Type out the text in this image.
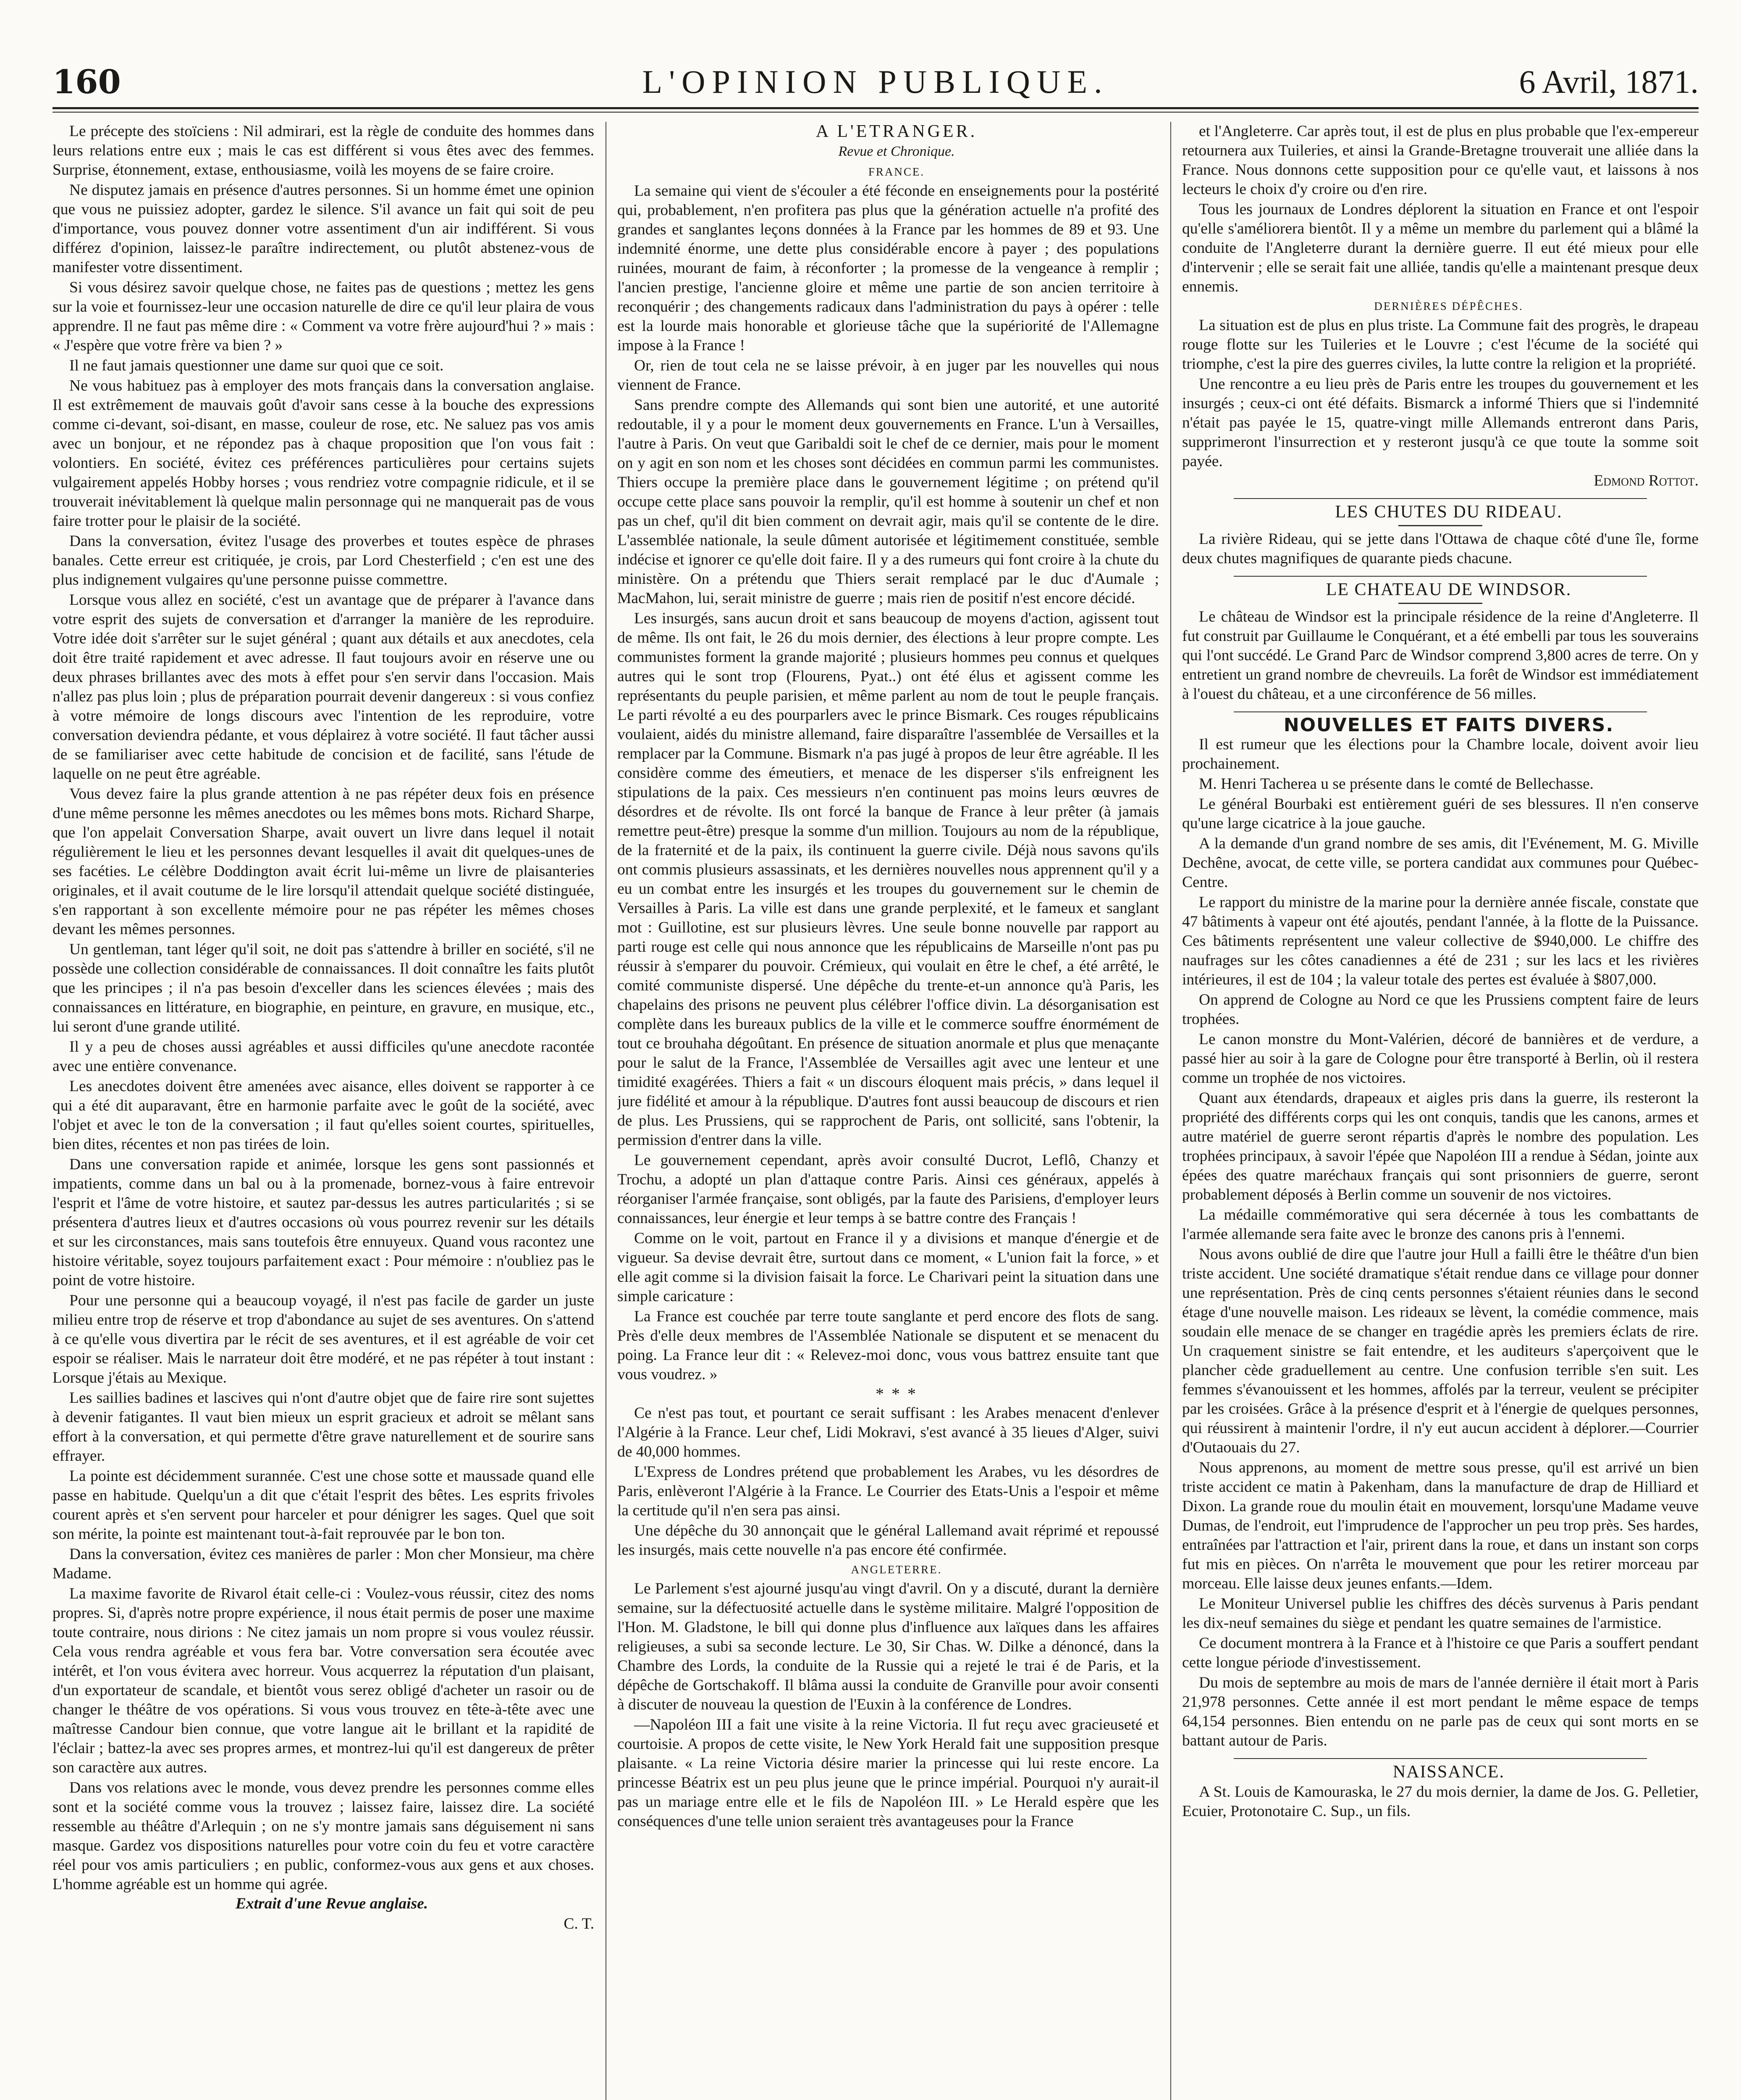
160	L'OPINION PUBLIQUE.	6 Avril, 1871.

Le précepte des stoïciens : Nil admirari, est la règle de conduite des hommes dans leurs relations entre eux ; mais le cas est différent si vous êtes avec des femmes. Surprise, étonnement, extase, enthousiasme, voilà les moyens de se faire croire.

Ne disputez jamais en présence d'autres personnes. Si un homme émet une opinion que vous ne puissiez adopter, gardez le silence. S'il avance un fait qui soit de peu d'importance, vous pouvez donner votre assentiment d'un air indifférent. Si vous différez d'opinion, laissez-le paraître indirectement, ou plutôt abstenez-vous de manifester votre dissentiment.

Si vous désirez savoir quelque chose, ne faites pas de questions ; mettez les gens sur la voie et fournissez-leur une occasion naturelle de dire ce qu'il leur plaira de vous apprendre. Il ne faut pas même dire : « Comment va votre frère aujourd'hui ? » mais : « J'espère que votre frère va bien ? »

Il ne faut jamais questionner une dame sur quoi que ce soit.

Ne vous habituez pas à employer des mots français dans la conversation anglaise. Il est extrêmement de mauvais goût d'avoir sans cesse à la bouche des expressions comme ci-devant, soi-disant, en masse, couleur de rose, etc. Ne saluez pas vos amis avec un bonjour, et ne répondez pas à chaque proposition que l'on vous fait : volontiers. En société, évitez ces préférences particulières pour certains sujets vulgairement appelés Hobby horses ; vous rendriez votre compagnie ridicule, et il se trouverait inévitablement là quelque malin personnage qui ne manquerait pas de vous faire trotter pour le plaisir de la société.

Dans la conversation, évitez l'usage des proverbes et toutes espèce de phrases banales. Cette erreur est critiquée, je crois, par Lord Chesterfield ; c'en est une des plus indignement vulgaires qu'une personne puisse commettre.

Lorsque vous allez en société, c'est un avantage que de préparer à l'avance dans votre esprit des sujets de conversation et d'arranger la manière de les reproduire. Votre idée doit s'arrêter sur le sujet général ; quant aux détails et aux anecdotes, cela doit être traité rapidement et avec adresse. Il faut toujours avoir en réserve une ou deux phrases brillantes avec des mots à effet pour s'en servir dans l'occasion. Mais n'allez pas plus loin ; plus de préparation pourrait devenir dangereux : si vous confiez à votre mémoire de longs discours avec l'intention de les reproduire, votre conversation deviendra pédante, et vous déplairez à votre société. Il faut tâcher aussi de se familiariser avec cette habitude de concision et de facilité, sans l'étude de laquelle on ne peut être agréable.

Vous devez faire la plus grande attention à ne pas répéter deux fois en présence d'une même personne les mêmes anecdotes ou les mêmes bons mots. Richard Sharpe, que l'on appelait Conversation Sharpe, avait ouvert un livre dans lequel il notait régulièrement le lieu et les personnes devant lesquelles il avait dit quelques-unes de ses facéties. Le célèbre Doddington avait écrit lui-même un livre de plaisanteries originales, et il avait coutume de le lire lorsqu'il attendait quelque société distinguée, s'en rapportant à son excellente mémoire pour ne pas répéter les mêmes choses devant les mêmes personnes.

Un gentleman, tant léger qu'il soit, ne doit pas s'attendre à briller en société, s'il ne possède une collection considérable de connaissances. Il doit connaître les faits plutôt que les principes ; il n'a pas besoin d'exceller dans les sciences élevées ; mais des connaissances en littérature, en biographie, en peinture, en gravure, en musique, etc., lui seront d'une grande utilité.

Il y a peu de choses aussi agréables et aussi difficiles qu'une anecdote racontée avec une entière convenance.

Les anecdotes doivent être amenées avec aisance, elles doivent se rapporter à ce qui a été dit auparavant, être en harmonie parfaite avec le goût de la société, avec l'objet et avec le ton de la conversation ; il faut qu'elles soient courtes, spirituelles, bien dites, récentes et non pas tirées de loin.

Dans une conversation rapide et animée, lorsque les gens sont passionnés et impatients, comme dans un bal ou à la promenade, bornez-vous à faire entrevoir l'esprit et l'âme de votre histoire, et sautez par-dessus les autres particularités ; si se présentera d'autres lieux et d'autres occasions où vous pourrez revenir sur les détails et sur les circonstances, mais sans toutefois être ennuyeux. Quand vous racontez une histoire véritable, soyez toujours parfaitement exact : Pour mémoire : n'oubliez pas le point de votre histoire.

Pour une personne qui a beaucoup voyagé, il n'est pas facile de garder un juste milieu entre trop de réserve et trop d'abondance au sujet de ses aventures. On s'attend à ce qu'elle vous divertira par le récit de ses aventures, et il est agréable de voir cet espoir se réaliser. Mais le narrateur doit être modéré, et ne pas répéter à tout instant : Lorsque j'étais au Mexique.

Les saillies badines et lascives qui n'ont d'autre objet que de faire rire sont sujettes à devenir fatigantes. Il vaut bien mieux un esprit gracieux et adroit se mêlant sans effort à la conversation, et qui permette d'être grave naturellement et de sourire sans effrayer.

La pointe est décidemment surannée. C'est une chose sotte et maussade quand elle passe en habitude. Quelqu'un a dit que c'était l'esprit des bêtes. Les esprits frivoles courent après et s'en servent pour harceler et pour dénigrer les sages. Quel que soit son mérite, la pointe est maintenant tout-à-fait reprouvée par le bon ton.

Dans la conversation, évitez ces manières de parler : Mon cher Monsieur, ma chère Madame.

La maxime favorite de Rivarol était celle-ci : Voulez-vous réussir, citez des noms propres. Si, d'après notre propre expérience, il nous était permis de poser une maxime toute contraire, nous dirions : Ne citez jamais un nom propre si vous voulez réussir. Cela vous rendra agréable et vous fera bar. Votre conversation sera écoutée avec intérêt, et l'on vous évitera avec horreur. Vous acquerrez la réputation d'un plaisant, d'un exportateur de scandale, et bientôt vous serez obligé d'acheter un rasoir ou de changer le théâtre de vos opérations. Si vous vous trouvez en tête-à-tête avec une maîtresse Candour bien connue, que votre langue ait le brillant et la rapidité de l'éclair ; battez-la avec ses propres armes, et montrez-lui qu'il est dangereux de prêter son caractère aux autres.

Dans vos relations avec le monde, vous devez prendre les personnes comme elles sont et la société comme vous la trouvez ; laissez faire, laissez dire. La société ressemble au théâtre d'Arlequin ; on ne s'y montre jamais sans déguisement ni sans masque. Gardez vos dispositions naturelles pour votre coin du feu et votre caractère réel pour vos amis particuliers ; en public, conformez-vous aux gens et aux choses. L'homme agréable est un homme qui agrée.

Extrait d'une Revue anglaise.

C. T.

A L'ETRANGER.

Revue et Chronique.

FRANCE.

La semaine qui vient de s'écouler a été féconde en enseignements pour la postérité qui, probablement, n'en profitera pas plus que la génération actuelle n'a profité des grandes et sanglantes leçons données à la France par les hommes de 89 et 93. Une indemnité énorme, une dette plus considérable encore à payer ; des populations ruinées, mourant de faim, à réconforter ; la promesse de la vengeance à remplir ; l'ancien prestige, l'ancienne gloire et même une partie de son ancien territoire à reconquérir ; des changements radicaux dans l'administration du pays à opérer : telle est la lourde mais honorable et glorieuse tâche que la supériorité de l'Allemagne impose à la France !

Or, rien de tout cela ne se laisse prévoir, à en juger par les nouvelles qui nous viennent de France.

Sans prendre compte des Allemands qui sont bien une autorité, et une autorité redoutable, il y a pour le moment deux gouvernements en France. L'un à Versailles, l'autre à Paris. On veut que Garibaldi soit le chef de ce dernier, mais pour le moment on y agit en son nom et les choses sont décidées en commun parmi les communistes. Thiers occupe la première place dans le gouvernement légitime ; on prétend qu'il occupe cette place sans pouvoir la remplir, qu'il est homme à soutenir un chef et non pas un chef, qu'il dit bien comment on devrait agir, mais qu'il se contente de le dire. L'assemblée nationale, la seule dûment autorisée et légitimement constituée, semble indécise et ignorer ce qu'elle doit faire. Il y a des rumeurs qui font croire à la chute du ministère. On a prétendu que Thiers serait remplacé par le duc d'Aumale ; MacMahon, lui, serait ministre de guerre ; mais rien de positif n'est encore décidé.

Les insurgés, sans aucun droit et sans beaucoup de moyens d'action, agissent tout de même. Ils ont fait, le 26 du mois dernier, des élections à leur propre compte. Les communistes forment la grande majorité ; plusieurs hommes peu connus et quelques autres qui le sont trop (Flourens, Pyat..) ont été élus et agissent comme les représentants du peuple parisien, et même parlent au nom de tout le peuple français. Le parti révolté a eu des pourparlers avec le prince Bismark. Ces rouges républicains voulaient, aidés du ministre allemand, faire disparaître l'assemblée de Versailles et la remplacer par la Commune. Bismark n'a pas jugé à propos de leur être agréable. Il les considère comme des émeutiers, et menace de les disperser s'ils enfreignent les stipulations de la paix. Ces messieurs n'en continuent pas moins leurs œuvres de désordres et de révolte. Ils ont forcé la banque de France à leur prêter (à jamais remettre peut-être) presque la somme d'un million. Toujours au nom de la république, de la fraternité et de la paix, ils continuent la guerre civile. Déjà nous savons qu'ils ont commis plusieurs assassinats, et les dernières nouvelles nous apprennent qu'il y a eu un combat entre les insurgés et les troupes du gouvernement sur le chemin de Versailles à Paris. La ville est dans une grande perplexité, et le fameux et sanglant mot : Guillotine, est sur plusieurs lèvres. Une seule bonne nouvelle par rapport au parti rouge est celle qui nous annonce que les républicains de Marseille n'ont pas pu réussir à s'emparer du pouvoir. Crémieux, qui voulait en être le chef, a été arrêté, le comité communiste dispersé. Une dépêche du trente-et-un annonce qu'à Paris, les chapelains des prisons ne peuvent plus célébrer l'office divin. La désorganisation est complète dans les bureaux publics de la ville et le commerce souffre énormément de tout ce brouhaha dégoûtant. En présence de situation anormale et plus que menaçante pour le salut de la France, l'Assemblée de Versailles agit avec une lenteur et une timidité exagérées. Thiers a fait « un discours éloquent mais précis, » dans lequel il jure fidélité et amour à la république. D'autres font aussi beaucoup de discours et rien de plus. Les Prussiens, qui se rapprochent de Paris, ont sollicité, sans l'obtenir, la permission d'entrer dans la ville.

Le gouvernement cependant, après avoir consulté Ducrot, Leflô, Chanzy et Trochu, a adopté un plan d'attaque contre Paris. Ainsi ces généraux, appelés à réorganiser l'armée française, sont obligés, par la faute des Parisiens, d'employer leurs connaissances, leur énergie et leur temps à se battre contre des Français !

Comme on le voit, partout en France il y a divisions et manque d'énergie et de vigueur. Sa devise devrait être, surtout dans ce moment, « L'union fait la force, » et elle agit comme si la division faisait la force. Le Charivari peint la situation dans une simple caricature :

La France est couchée par terre toute sanglante et perd encore des flots de sang. Près d'elle deux membres de l'Assemblée Nationale se disputent et se menacent du poing. La France leur dit : « Relevez-moi donc, vous vous battrez ensuite tant que vous voudrez. »

* * *

Ce n'est pas tout, et pourtant ce serait suffisant : les Arabes menacent d'enlever l'Algérie à la France. Leur chef, Lidi Mokravi, s'est avancé à 35 lieues d'Alger, suivi de 40,000 hommes.

L'Express de Londres prétend que probablement les Arabes, vu les désordres de Paris, enlèveront l'Algérie à la France. Le Courrier des Etats-Unis a l'espoir et même la certitude qu'il n'en sera pas ainsi.

Une dépêche du 30 annonçait que le général Lallemand avait réprimé et repoussé les insurgés, mais cette nouvelle n'a pas encore été confirmée.

ANGLETERRE.

Le Parlement s'est ajourné jusqu'au vingt d'avril. On y a discuté, durant la dernière semaine, sur la défectuosité actuelle dans le système militaire. Malgré l'opposition de l'Hon. M. Gladstone, le bill qui donne plus d'influence aux laïques dans les affaires religieuses, a subi sa seconde lecture. Le 30, Sir Chas. W. Dilke a dénoncé, dans la Chambre des Lords, la conduite de la Russie qui a rejeté le trai é de Paris, et la dépêche de Gortschakoff. Il blâma aussi la conduite de Granville pour avoir consenti à discuter de nouveau la question de l'Euxin à la conférence de Londres.

—Napoléon III a fait une visite à la reine Victoria. Il fut reçu avec gracieuseté et courtoisie. A propos de cette visite, le New York Herald fait une supposition presque plaisante. « La reine Victoria désire marier la princesse qui lui reste encore. La princesse Béatrix est un peu plus jeune que le prince impérial. Pourquoi n'y aurait-il pas un mariage entre elle et le fils de Napoléon III. » Le Herald espère que les conséquences d'une telle union seraient très avantageuses pour la France

et l'Angleterre. Car après tout, il est de plus en plus probable que l'ex-empereur retournera aux Tuileries, et ainsi la Grande-Bretagne trouverait une alliée dans la France. Nous donnons cette supposition pour ce qu'elle vaut, et laissons à nos lecteurs le choix d'y croire ou d'en rire.

Tous les journaux de Londres déplorent la situation en France et ont l'espoir qu'elle s'améliorera bientôt. Il y a même un membre du parlement qui a blâmé la conduite de l'Angleterre durant la dernière guerre. Il eut été mieux pour elle d'intervenir ; elle se serait fait une alliée, tandis qu'elle a maintenant presque deux ennemis.

DERNIÈRES DÉPÊCHES.

La situation est de plus en plus triste. La Commune fait des progrès, le drapeau rouge flotte sur les Tuileries et le Louvre ; c'est l'écume de la société qui triomphe, c'est la pire des guerres civiles, la lutte contre la religion et la propriété.

Une rencontre a eu lieu près de Paris entre les troupes du gouvernement et les insurgés ; ceux-ci ont été défaits. Bismarck a informé Thiers que si l'indemnité n'était pas payée le 15, quatre-vingt mille Allemands entreront dans Paris, supprimeront l'insurrection et y resteront jusqu'à ce que toute la somme soit payée.

Edmond Rottot.

LES CHUTES DU RIDEAU.

La rivière Rideau, qui se jette dans l'Ottawa de chaque côté d'une île, forme deux chutes magnifiques de quarante pieds chacune.

LE CHATEAU DE WINDSOR.

Le château de Windsor est la principale résidence de la reine d'Angleterre. Il fut construit par Guillaume le Conquérant, et a été embelli par tous les souverains qui l'ont succédé. Le Grand Parc de Windsor comprend 3,800 acres de terre. On y entretient un grand nombre de chevreuils. La forêt de Windsor est immédiatement à l'ouest du château, et a une circonférence de 56 milles.

NOUVELLES ET FAITS DIVERS.

Il est rumeur que les élections pour la Chambre locale, doivent avoir lieu prochainement.

M. Henri Tacherea u se présente dans le comté de Bellechasse.

Le général Bourbaki est entièrement guéri de ses blessures. Il n'en conserve qu'une large cicatrice à la joue gauche.

A la demande d'un grand nombre de ses amis, dit l'Evénement, M. G. Miville Dechêne, avocat, de cette ville, se portera candidat aux communes pour Québec-Centre.

Le rapport du ministre de la marine pour la dernière année fiscale, constate que 47 bâtiments à vapeur ont été ajoutés, pendant l'année, à la flotte de la Puissance. Ces bâtiments représentent une valeur collective de $940,000. Le chiffre des naufrages sur les côtes canadiennes a été de 231 ; sur les lacs et les rivières intérieures, il est de 104 ; la valeur totale des pertes est évaluée à $807,000.

On apprend de Cologne au Nord ce que les Prussiens comptent faire de leurs trophées.

Le canon monstre du Mont-Valérien, décoré de bannières et de verdure, a passé hier au soir à la gare de Cologne pour être transporté à Berlin, où il restera comme un trophée de nos victoires.

Quant aux étendards, drapeaux et aigles pris dans la guerre, ils resteront la propriété des différents corps qui les ont conquis, tandis que les canons, armes et autre matériel de guerre seront répartis d'après le nombre des population. Les trophées principaux, à savoir l'épée que Napoléon III a rendue à Sédan, jointe aux épées des quatre maréchaux français qui sont prisonniers de guerre, seront probablement déposés à Berlin comme un souvenir de nos victoires.

La médaille commémorative qui sera décernée à tous les combattants de l'armée allemande sera faite avec le bronze des canons pris à l'ennemi.

Nous avons oublié de dire que l'autre jour Hull a failli être le théâtre d'un bien triste accident. Une société dramatique s'était rendue dans ce village pour donner une représentation. Près de cinq cents personnes s'étaient réunies dans le second étage d'une nouvelle maison. Les rideaux se lèvent, la comédie commence, mais soudain elle menace de se changer en tragédie après les premiers éclats de rire. Un craquement sinistre se fait entendre, et les auditeurs s'aperçoivent que le plancher cède graduellement au centre. Une confusion terrible s'en suit. Les femmes s'évanouissent et les hommes, affolés par la terreur, veulent se précipiter par les croisées. Grâce à la présence d'esprit et à l'énergie de quelques personnes, qui réussirent à maintenir l'ordre, il n'y eut aucun accident à déplorer.—Courrier d'Outaouais du 27.

Nous apprenons, au moment de mettre sous presse, qu'il est arrivé un bien triste accident ce matin à Pakenham, dans la manufacture de drap de Hilliard et Dixon. La grande roue du moulin était en mouvement, lorsqu'une Madame veuve Dumas, de l'endroit, eut l'imprudence de l'approcher un peu trop près. Ses hardes, entraînées par l'attraction et l'air, prirent dans la roue, et dans un instant son corps fut mis en pièces. On n'arrêta le mouvement que pour les retirer morceau par morceau. Elle laisse deux jeunes enfants.—Idem.

Le Moniteur Universel publie les chiffres des décès survenus à Paris pendant les dix-neuf semaines du siège et pendant les quatre semaines de l'armistice.

Ce document montrera à la France et à l'histoire ce que Paris a souffert pendant cette longue période d'investissement.

Du mois de septembre au mois de mars de l'année dernière il était mort à Paris 21,978 personnes. Cette année il est mort pendant le même espace de temps 64,154 personnes. Bien entendu on ne parle pas de ceux qui sont morts en se battant autour de Paris.

NAISSANCE.

A St. Louis de Kamouraska, le 27 du mois dernier, la dame de Jos. G. Pelletier, Ecuier, Protonotaire C. Sup., un fils.
